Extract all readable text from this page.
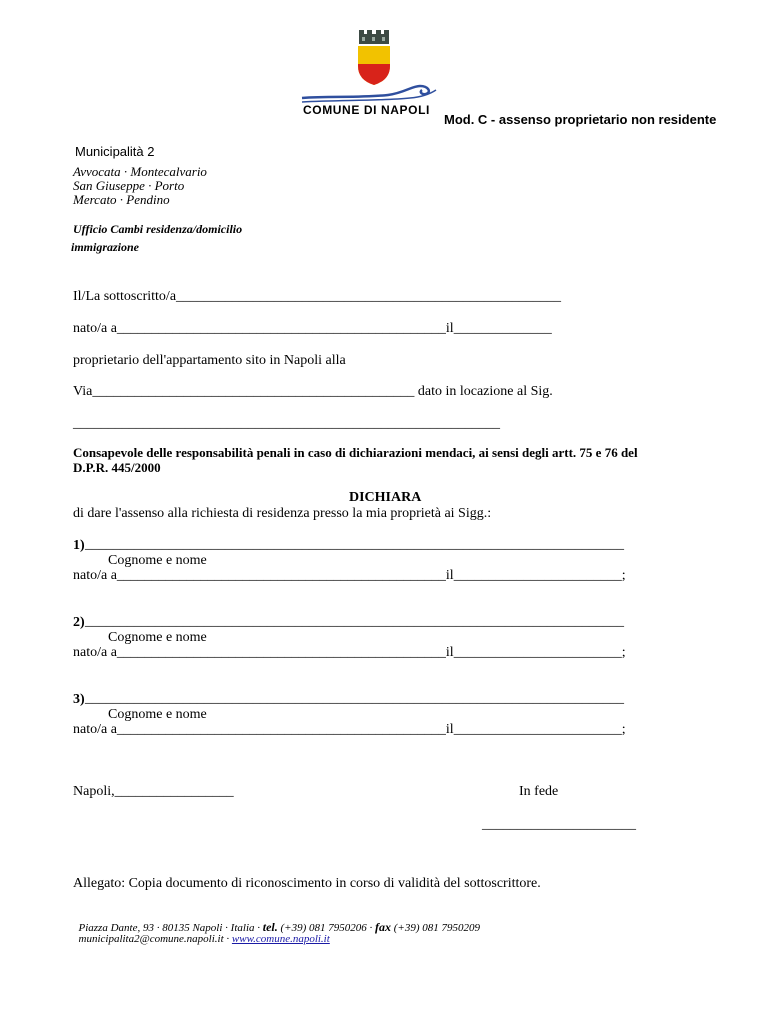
COMUNE DI NAPOLI
Mod. C - assenso proprietario non residente
Municipalità 2
Avvocata · Montecalvario
San Giuseppe · Porto
Mercato · Pendino
Ufficio Cambi residenza/domicilio
immigrazione
Il/La sottoscritto/a_______________________________________________________
nato/a a_______________________________________________il______________
proprietario dell'appartamento sito in Napoli alla
Via______________________________________________ dato in locazione al Sig.
_____________________________________________________________
Consapevole delle responsabilità penali in caso di dichiarazioni mendaci, ai sensi degli artt. 75 e 76 del
D.P.R. 445/2000
DICHIARA
di dare l'assenso alla richiesta di residenza presso la mia proprietà ai Sigg.:
1) _____________________________________________________________________________
Cognome e nome
nato/a a_______________________________________________il________________________;
2) _____________________________________________________________________________
Cognome e nome
nato/a a_______________________________________________il________________________;
3) _____________________________________________________________________________
Cognome e nome
nato/a a_______________________________________________il________________________;
Napoli,_________________	In fede
______________________
Allegato: Copia documento di riconoscimento in corso di validità del sottoscrittore.

Piazza Dante, 93 · 80135 Napoli · Italia · tel. (+39) 081 7950206 · fax (+39) 081 7950209

municipalita2@comune.napoli.it · www.comune.napoli.it
